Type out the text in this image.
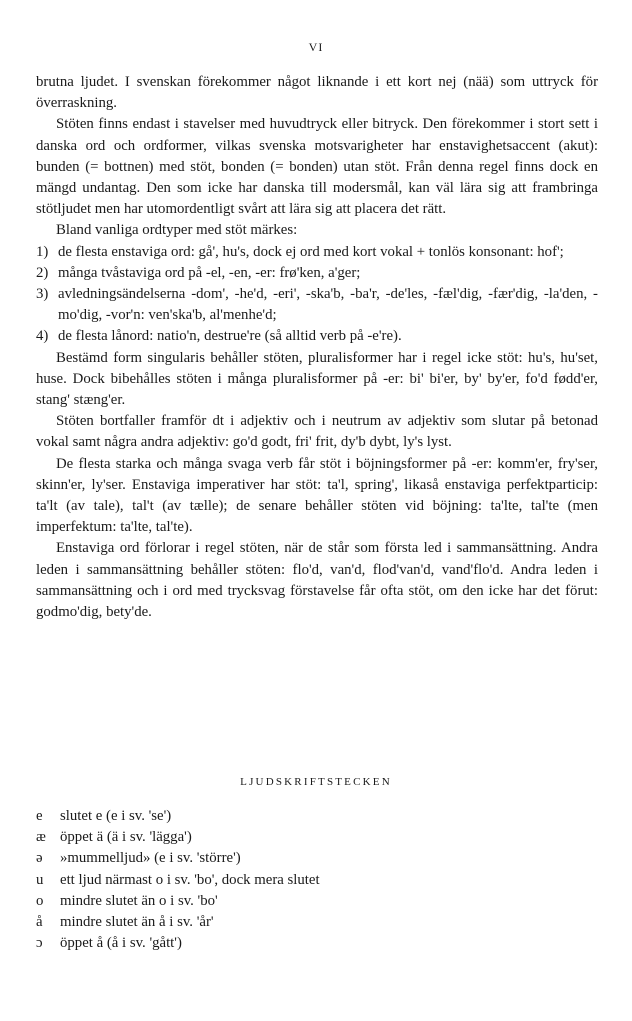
VI

brutna ljudet. I svenskan förekommer något liknande i ett kort nej (nää) som uttryck för överraskning.

Stöten finns endast i stavelser med huvudtryck eller bitryck. Den förekommer i stort sett i danska ord och ordformer, vilkas svenska motsvarigheter har enstavighetsaccent (akut): bunden (= bottnen) med stöt, bonden (= bonden) utan stöt. Från denna regel finns dock en mängd undantag. Den som icke har danska till modersmål, kan väl lära sig att frambringa stötljudet men har utomordentligt svårt att lära sig att placera det rätt.

Bland vanliga ordtyper med stöt märkes:

1) de flesta enstaviga ord: gå', hu's, dock ej ord med kort vokal + tonlös konsonant: hof';
2) många tvåstaviga ord på -el, -en, -er: frø'ken, a'ger;
3) avledningsändelserna -dom', -he'd, -eri', -ska'b, -ba'r, -de'les, -fæl'dig, -fær'dig, -la'den, -mo'dig, -vor'n: ven'ska'b, al'menhe'd;
4) de flesta lånord: natio'n, destrue're (så alltid verb på -e're).

Bestämd form singularis behåller stöten, pluralisformer har i regel icke stöt: hu's, hu'set, huse. Dock bibehålles stöten i många pluralisformer på -er: bi' bi'er, by' by'er, fo'd fødd'er, stang' stæng'er.

Stöten bortfaller framför dt i adjektiv och i neutrum av adjektiv som slutar på betonad vokal samt några andra adjektiv: go'd godt, fri' frit, dy'b dybt, ly's lyst.

De flesta starka och många svaga verb får stöt i böjningsformer på -er: komm'er, fry'ser, skinn'er, ly'ser. Enstaviga imperativer har stöt: ta'l, spring', likaså enstaviga perfektparticip: ta'lt (av tale), tal't (av tælle); de senare behåller stöten vid böjning: ta'lte, tal'te (men imperfektum: ta'lte, tal'te).

Enstaviga ord förlorar i regel stöten, när de står som första led i sammansättning. Andra leden i sammansättning behåller stöten: flo'd, van'd, flod'van'd, vand'flo'd. Andra leden i sammansättning och i ord med trycksvag förstavelse får ofta stöt, om den icke har det förut: godmo'dig, bety'de.

LJUDSKRIFTSTECKEN
e	slutet e (e i sv. 'se')
æ öppet ä (ä i sv. 'lägga')
ə	»mummelljud» (e i sv. 'större')
u	ett ljud närmast o i sv. 'bo', dock mera slutet
o	mindre slutet än o i sv. 'bo'
å	mindre slutet än å i sv. 'år'
ɔ	öppet å (å i sv. 'gått')
